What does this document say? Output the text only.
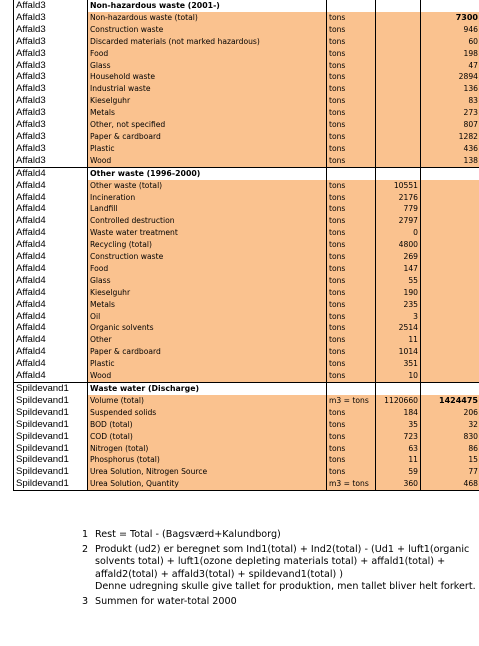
Affald3	Non-hazardous waste (2001-)			
Affald3	Non-hazardous waste (total)	tons		7300
Affald3	Construction waste	tons		946
Affald3	Discarded materials (not marked hazardous)	tons		60
Affald3	Food	tons		198
Affald3	Glass	tons		47
Affald3	Household waste	tons		2894
Affald3	Industrial waste	tons		136
Affald3	Kieselguhr	tons		83
Affald3	Metals	tons		273
Affald3	Other, not specified	tons		807
Affald3	Paper & cardboard	tons		1282
Affald3	Plastic	tons		436
Affald3	Wood	tons		138
Affald4	Other waste (1996-2000)			
Affald4	Other waste (total)	tons	10551	
Affald4	Incineration	tons	2176	
Affald4	Landfill	tons	779	
Affald4	Controlled destruction	tons	2797	
Affald4	Waste water treatment	tons	0	
Affald4	Recycling (total)	tons	4800	
Affald4	Construction waste	tons	269	
Affald4	Food	tons	147	
Affald4	Glass	tons	55	
Affald4	Kieselguhr	tons	190	
Affald4	Metals	tons	235	
Affald4	Oil	tons	3	
Affald4	Organic solvents	tons	2514	
Affald4	Other	tons	11	
Affald4	Paper & cardboard	tons	1014	
Affald4	Plastic	tons	351	
Affald4	Wood	tons	10	
Spildevand1	Waste water (Discharge)			
Spildevand1	Volume (total)	m3 = tons	1120660	1424475
Spildevand1	Suspended solids	tons	184	206
Spildevand1	BOD (total)	tons	35	32
Spildevand1	COD (total)	tons	723	830
Spildevand1	Nitrogen (total)	tons	63	86
Spildevand1	Phosphorus (total)	tons	11	15
Spildevand1	Urea Solution, Nitrogen Source	tons	59	77
Spildevand1	Urea Solution, Quantity	m3 = tons	360	468
1 Rest = Total - (Bagsværd+Kalundborg)
2 Produkt (ud2) er beregnet som Ind1(total) + Ind2(total) - (Ud1 + luft1(organic solvents total) + luft1(ozone depleting materials total) + affald1(total) + affald2(total) + affald3(total) + spildevand1(total) )
Denne udregning skulle give tallet for produktion, men tallet bliver helt forkert.
3 Summen for water-total 2000
